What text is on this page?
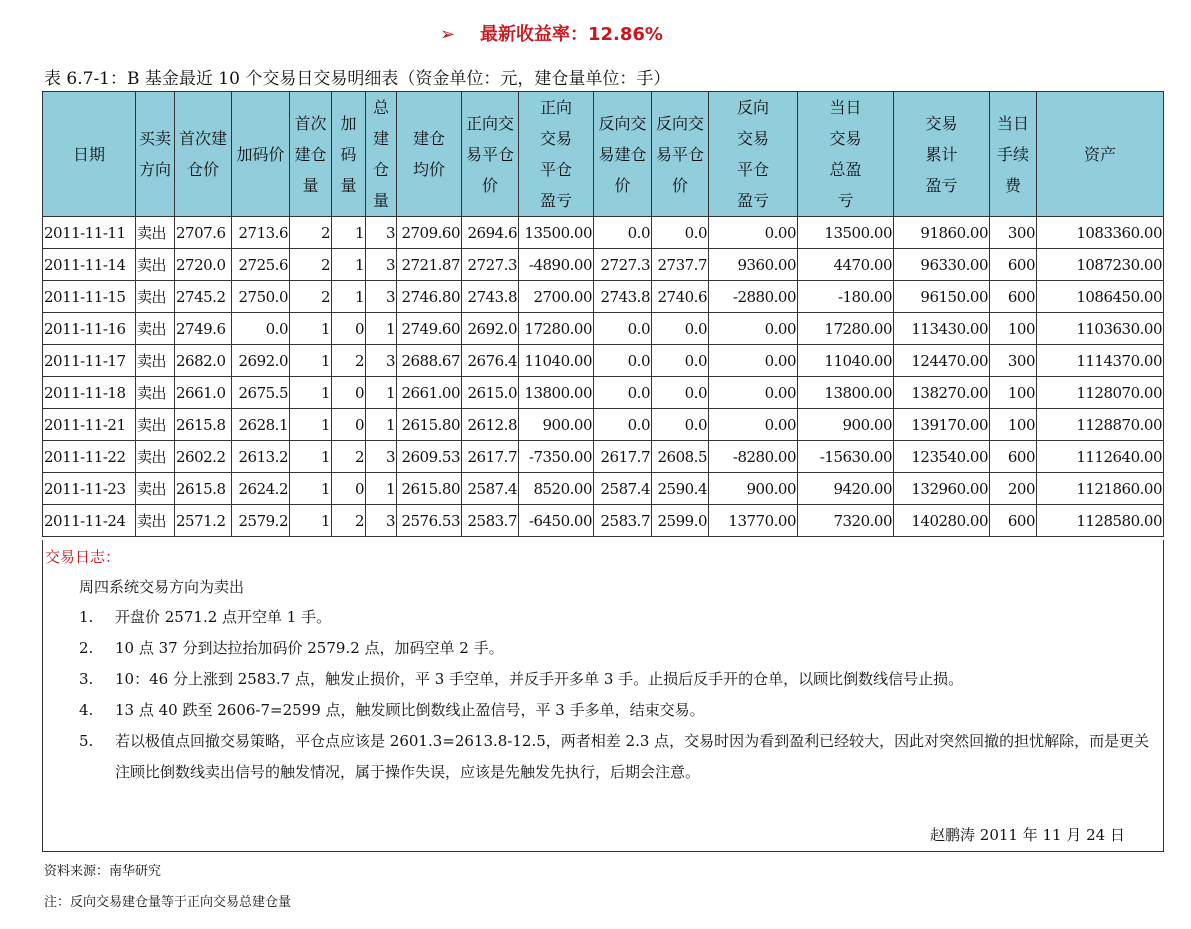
➢ 最新收益率：12.86%
表 6.7-1：B 基金最近 10 个交易日交易明细表（资金单位：元，建仓量单位：手）
日期	买卖方向	首次建仓价	加码价	首次建仓量	加码量	总建仓量	建仓均价	正向交易平仓价	正向交易平仓盈亏	反向交易建仓价	反向交易平仓价	反向交易平仓盈亏	当日交易总盈亏	交易累计盈亏	当日手续费	资产
2011-11-11	卖出	2707.6	2713.6	2	1	3	2709.60	2694.6	13500.00	0.0	0.0	0.00	13500.00	91860.00	300	1083360.00
2011-11-14	卖出	2720.0	2725.6	2	1	3	2721.87	2727.3	-4890.00	2727.3	2737.7	9360.00	4470.00	96330.00	600	1087230.00
2011-11-15	卖出	2745.2	2750.0	2	1	3	2746.80	2743.8	2700.00	2743.8	2740.6	-2880.00	-180.00	96150.00	600	1086450.00
2011-11-16	卖出	2749.6	0.0	1	0	1	2749.60	2692.0	17280.00	0.0	0.0	0.00	17280.00	113430.00	100	1103630.00
2011-11-17	卖出	2682.0	2692.0	1	2	3	2688.67	2676.4	11040.00	0.0	0.0	0.00	11040.00	124470.00	300	1114370.00
2011-11-18	卖出	2661.0	2675.5	1	0	1	2661.00	2615.0	13800.00	0.0	0.0	0.00	13800.00	138270.00	100	1128070.00
2011-11-21	卖出	2615.8	2628.1	1	0	1	2615.80	2612.8	900.00	0.0	0.0	0.00	900.00	139170.00	100	1128870.00
2011-11-22	卖出	2602.2	2613.2	1	2	3	2609.53	2617.7	-7350.00	2617.7	2608.5	-8280.00	-15630.00	123540.00	600	1112640.00
2011-11-23	卖出	2615.8	2624.2	1	0	1	2615.80	2587.4	8520.00	2587.4	2590.4	900.00	9420.00	132960.00	200	1121860.00
2011-11-24	卖出	2571.2	2579.2	1	2	3	2576.53	2583.7	-6450.00	2583.7	2599.0	13770.00	7320.00	140280.00	600	1128580.00
交易日志：
周四系统交易方向为卖出
1.	开盘价 2571.2 点开空单 1 手。
2.	10 点 37 分到达拉抬加码价 2579.2 点，加码空单 2 手。
3.	10：46 分上涨到 2583.7 点，触发止损价，平 3 手空单，并反手开多单 3 手。止损后反手开的仓单，以顾比倒数线信号止损。
4.	13 点 40 跌至 2606-7=2599 点，触发顾比倒数线止盈信号，平 3 手多单，结束交易。
5.	若以极值点回撤交易策略，平仓点应该是 2601.3=2613.8-12.5，两者相差 2.3 点，交易时因为看到盈利已经较大，因此对突然回撤的担忧解除，而是更关注顾比倒数线卖出信号的触发情况，属于操作失误，应该是先触发先执行，后期会注意。
赵鹏涛 2011 年 11 月 24 日
资料来源：南华研究
注：反向交易建仓量等于正向交易总建仓量
